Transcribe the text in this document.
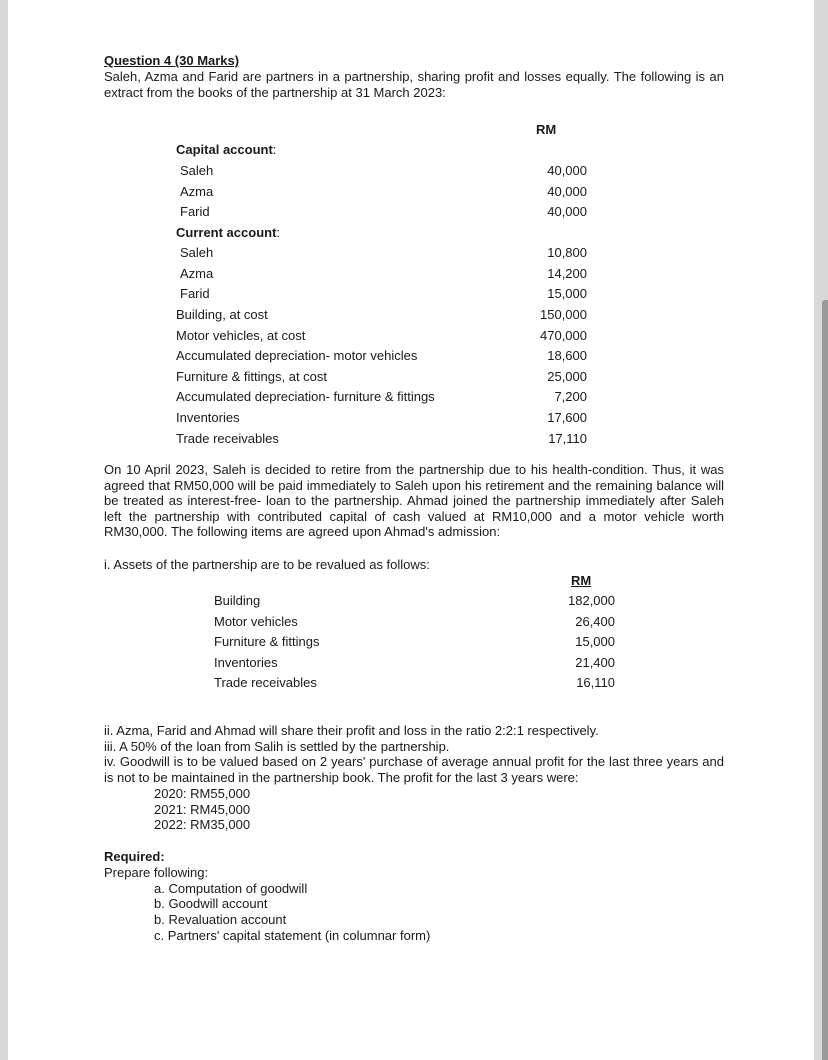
Question 4 (30 Marks)
Saleh, Azma and Farid are partners in a partnership, sharing profit and losses equally. The following is an extract from the books of the partnership at 31 March 2023:
RM
Capital account:
Saleh	40,000
Azma	40,000
Farid	40,000
Current account:
Saleh	10,800
Azma	14,200
Farid	15,000
Building, at cost	150,000
Motor vehicles, at cost	470,000
Accumulated depreciation- motor vehicles	18,600
Furniture & fittings, at cost	25,000
Accumulated depreciation- furniture & fittings	7,200
Inventories	17,600
Trade receivables	17,110
On 10 April 2023, Saleh is decided to retire from the partnership due to his health-condition. Thus, it was agreed that RM50,000 will be paid immediately to Saleh upon his retirement and the remaining balance will be treated as interest-free- loan to the partnership. Ahmad joined the partnership immediately after Saleh left the partnership with contributed capital of cash valued at RM10,000 and a motor vehicle worth RM30,000. The following items are agreed upon Ahmad's admission:
i. Assets of the partnership are to be revalued as follows:
RM
Building	182,000
Motor vehicles	26,400
Furniture & fittings	15,000
Inventories	21,400
Trade receivables	16,110
ii. Azma, Farid and Ahmad will share their profit and loss in the ratio 2:2:1 respectively.
iii. A 50% of the loan from Salih is settled by the partnership.
iv. Goodwill is to be valued based on 2 years' purchase of average annual profit for the last three years and is not to be maintained in the partnership book. The profit for the last 3 years were:
2020: RM55,000
2021: RM45,000
2022: RM35,000
Required:
Prepare following:
a. Computation of goodwill
b. Goodwill account
b. Revaluation account
c. Partners' capital statement (in columnar form)
